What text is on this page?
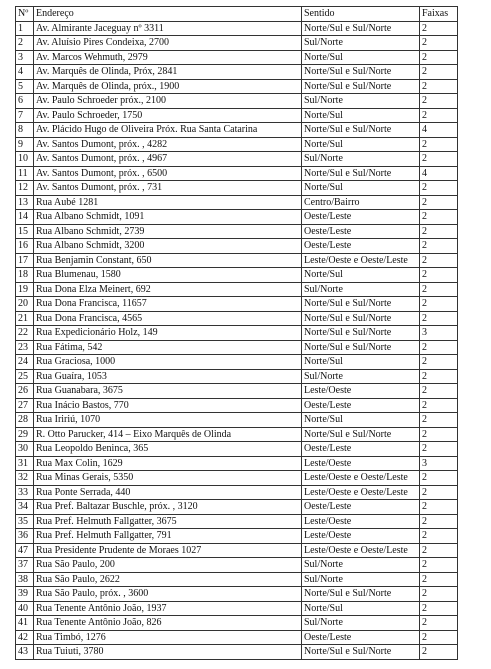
Nº	Endereço	Sentido	Faixas
1	Av. Almirante Jaceguay nº 3311	Norte/Sul e Sul/Norte	2
2	Av. Aluísio Pires Condeixa, 2700	Sul/Norte	2
3	Av. Marcos Wehmuth, 2979	Norte/Sul	2
4	Av. Marquês de Olinda, Próx, 2841	Norte/Sul e Sul/Norte	2
5	Av. Marquês de Olinda, próx., 1900	Norte/Sul e Sul/Norte	2
6	Av. Paulo Schroeder próx., 2100	Sul/Norte	2
7	Av. Paulo Schroeder, 1750	Norte/Sul	2
8	Av. Plácido Hugo de Oliveira Próx. Rua Santa Catarina	Norte/Sul e Sul/Norte	4
9	Av. Santos Dumont, próx. , 4282	Norte/Sul	2
10	Av. Santos Dumont, próx. , 4967	Sul/Norte	2
11	Av. Santos Dumont, próx. , 6500	Norte/Sul e Sul/Norte	4
12	Av. Santos Dumont, próx. , 731	Norte/Sul	2
13	Rua Aubé 1281	Centro/Bairro	2
14	Rua Albano Schmidt, 1091	Oeste/Leste	2
15	Rua Albano Schmidt, 2739	Oeste/Leste	2
16	Rua Albano Schmidt, 3200	Oeste/Leste	2
17	Rua Benjamin Constant, 650	Leste/Oeste e Oeste/Leste	2
18	Rua Blumenau, 1580	Norte/Sul	2
19	Rua Dona Elza Meinert, 692	Sul/Norte	2
20	Rua Dona Francisca, 11657	Norte/Sul e Sul/Norte	2
21	Rua Dona Francisca, 4565	Norte/Sul e Sul/Norte	2
22	Rua Expedicionário Holz, 149	Norte/Sul e Sul/Norte	3
23	Rua Fátima, 542	Norte/Sul e Sul/Norte	2
24	Rua Graciosa, 1000	Norte/Sul	2
25	Rua Guaíra, 1053	Sul/Norte	2
26	Rua Guanabara, 3675	Leste/Oeste	2
27	Rua Inácio Bastos, 770	Oeste/Leste	2
28	Rua Iririú, 1070	Norte/Sul	2
29	R. Otto Parucker, 414 – Eixo Marquês de Olinda	Norte/Sul e Sul/Norte	2
30	Rua Leopoldo Beninca, 365	Oeste/Leste	2
31	Rua Max Colin, 1629	Leste/Oeste	3
32	Rua Minas Gerais, 5350	Leste/Oeste e Oeste/Leste	2
33	Rua Ponte Serrada, 440	Leste/Oeste e Oeste/Leste	2
34	Rua Pref. Baltazar Buschle, próx. , 3120	Oeste/Leste	2
35	Rua Pref. Helmuth Fallgatter, 3675	Leste/Oeste	2
36	Rua Pref. Helmuth Fallgatter, 791	Leste/Oeste	2
47	Rua Presidente Prudente de Moraes 1027	Leste/Oeste e Oeste/Leste	2
37	Rua São Paulo, 200	Sul/Norte	2
38	Rua São Paulo, 2622	Sul/Norte	2
39	Rua São Paulo, próx. , 3600	Norte/Sul e Sul/Norte	2
40	Rua Tenente Antônio João, 1937	Norte/Sul	2
41	Rua Tenente Antônio João, 826	Sul/Norte	2
42	Rua Timbó, 1276	Oeste/Leste	2
43	Rua Tuiuti, 3780	Norte/Sul e Sul/Norte	2
